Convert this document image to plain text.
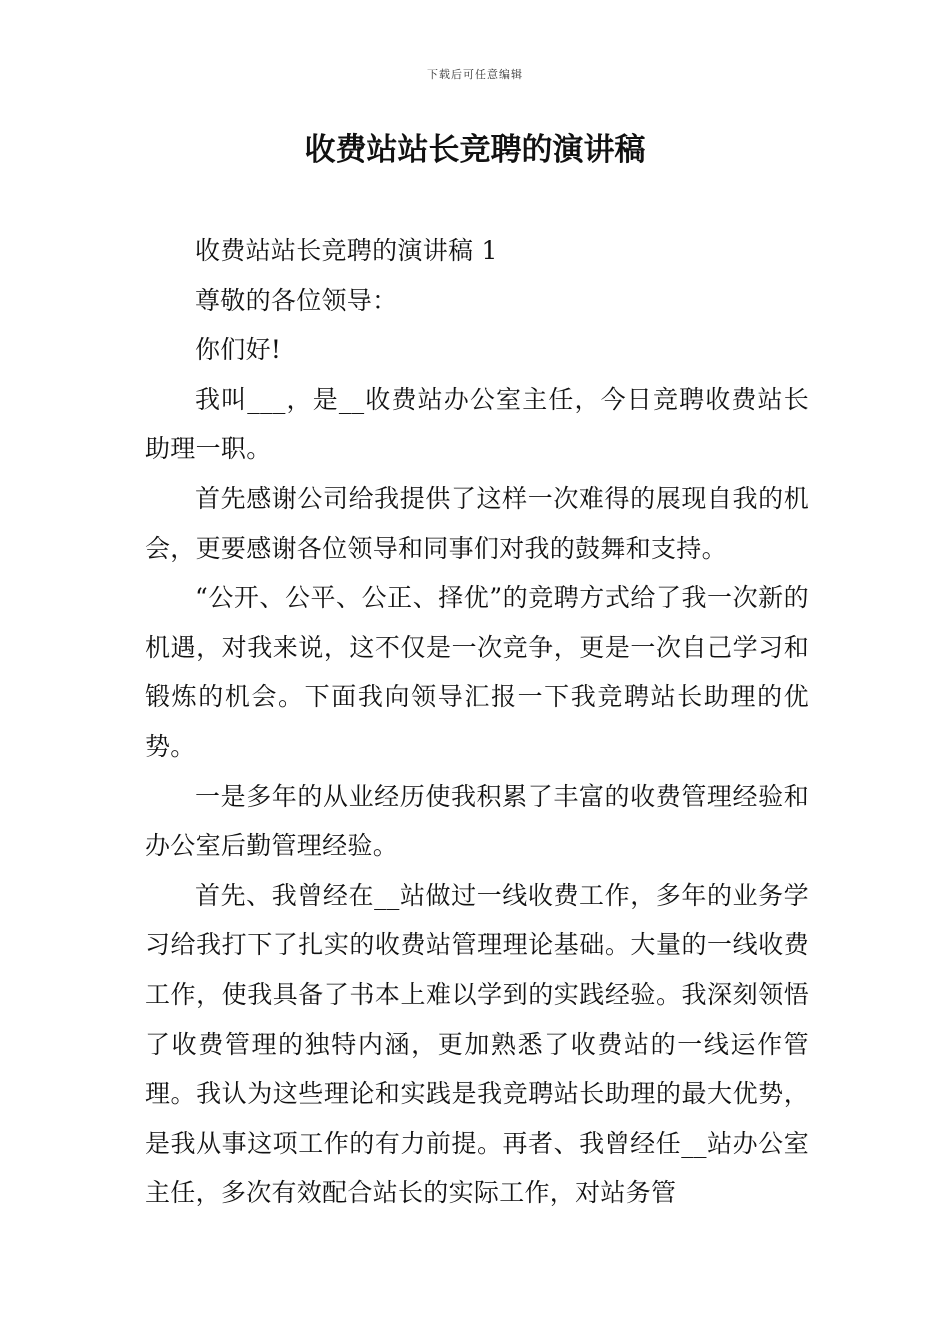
下载后可任意编辑
收费站站长竞聘的演讲稿

收费站站长竞聘的演讲稿 1

尊敬的各位领导：

你们好!

我叫___，是__收费站办公室主任，今日竞聘收费站长助理一职。

首先感谢公司给我提供了这样一次难得的展现自我的机会，更要感谢各位领导和同事们对我的鼓舞和支持。

“公开、公平、公正、择优”的竞聘方式给了我一次新的机遇，对我来说，这不仅是一次竞争，更是一次自己学习和锻炼的机会。下面我向领导汇报一下我竞聘站长助理的优势。

一是多年的从业经历使我积累了丰富的收费管理经验和办公室后勤管理经验。

首先、我曾经在__站做过一线收费工作，多年的业务学习给我打下了扎实的收费站管理理论基础。大量的一线收费工作，使我具备了书本上难以学到的实践经验。我深刻领悟了收费管理的独特内涵，更加熟悉了收费站的一线运作管理。我认为这些理论和实践是我竞聘站长助理的最大优势，是我从事这项工作的有力前提。再者、我曾经任__站办公室主任，多次有效配合站长的实际工作，对站务管
